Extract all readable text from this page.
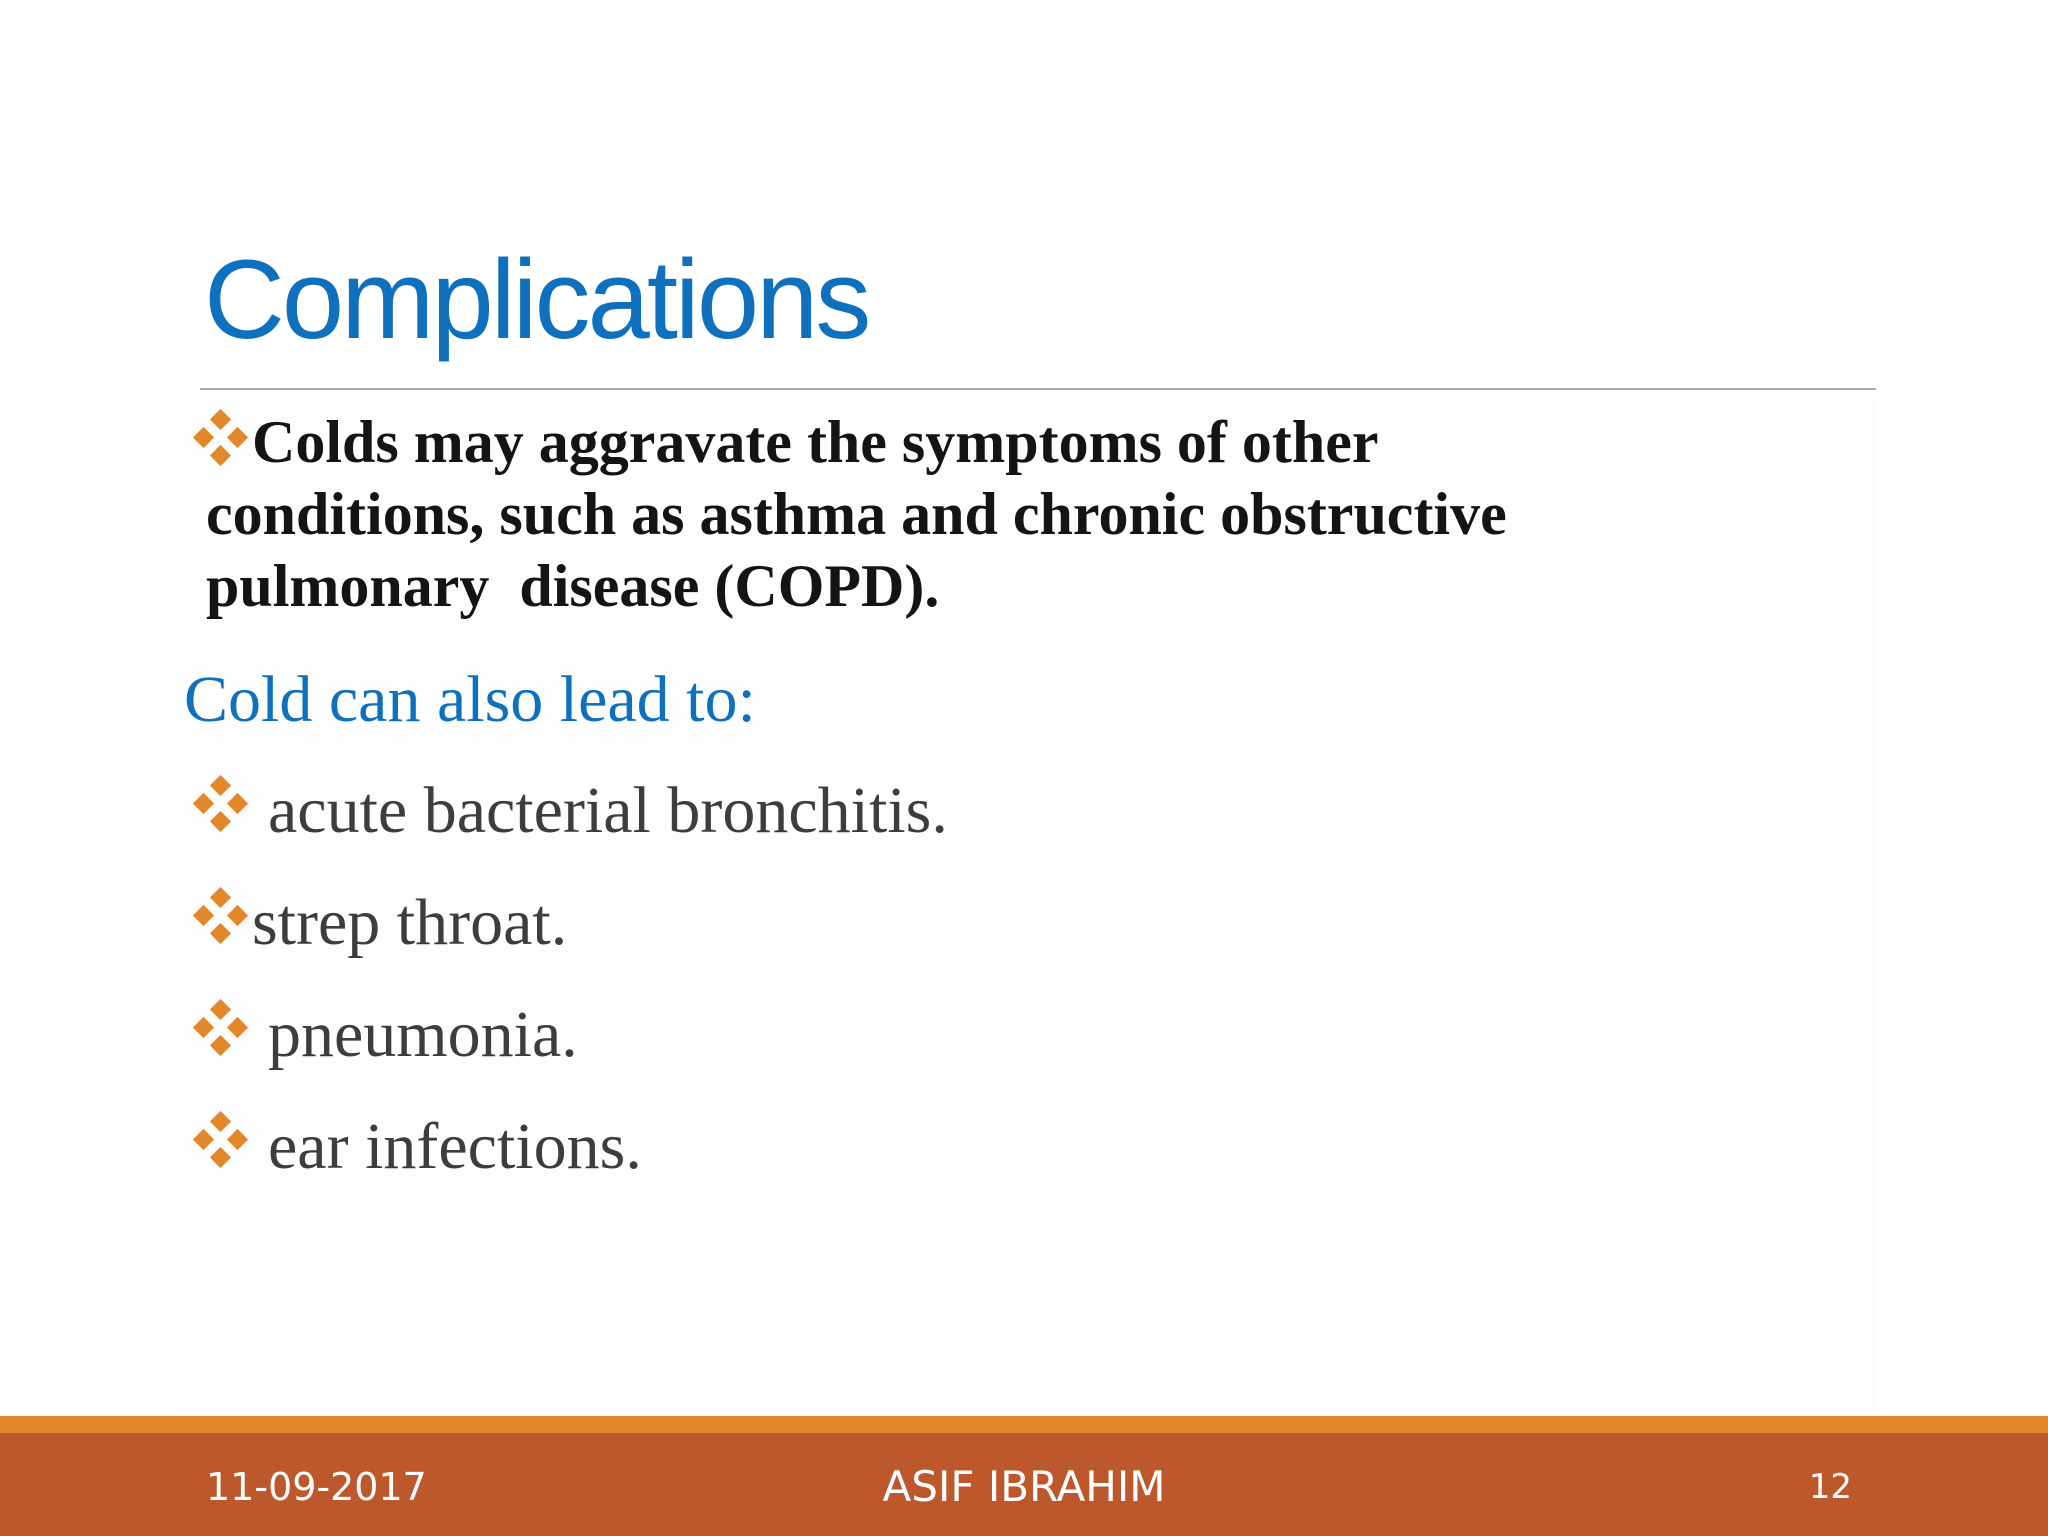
Complications
Colds may aggravate the symptoms of other
conditions, such as asthma and chronic obstructive
pulmonary  disease (COPD).
Cold can also lead to:
acute bacterial bronchitis.
strep throat.
pneumonia.
ear infections.
11-09-2017	ASIF IBRAHIM	12
